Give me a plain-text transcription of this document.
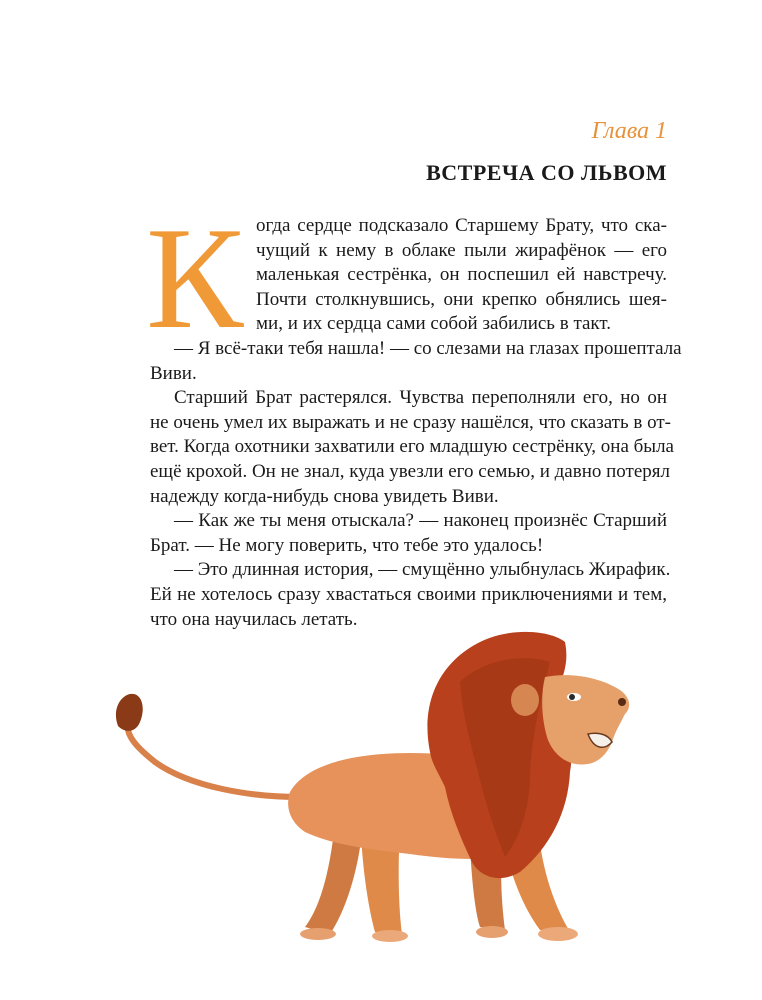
Глава 1
ВСТРЕЧА СО ЛЬВОМ
К огда сердце подсказало Старшему Брату, что ска-
чущий к нему в облаке пыли жирафёнок — его
маленькая сестрёнка, он поспешил ей навстречу.
Почти столкнувшись, они крепко обнялись шея-
ми, и их сердца сами собой забились в такт.
— Я всё-таки тебя нашла! — со слезами на глазах прошептала
Виви.
Старший Брат растерялся. Чувства переполняли его, но он
не очень умел их выражать и не сразу нашёлся, что сказать в от-
вет. Когда охотники захватили его младшую сестрёнку, она была
ещё крохой. Он не знал, куда увезли его семью, и давно потерял
надежду когда-нибудь снова увидеть Виви.
— Как же ты меня отыскала? — наконец произнёс Старший
Брат. — Не могу поверить, что тебе это удалось!
— Это длинная история, — смущённо улыбнулась Жирафик.
Ей не хотелось сразу хвастаться своими приключениями и тем,
что она научилась летать.
